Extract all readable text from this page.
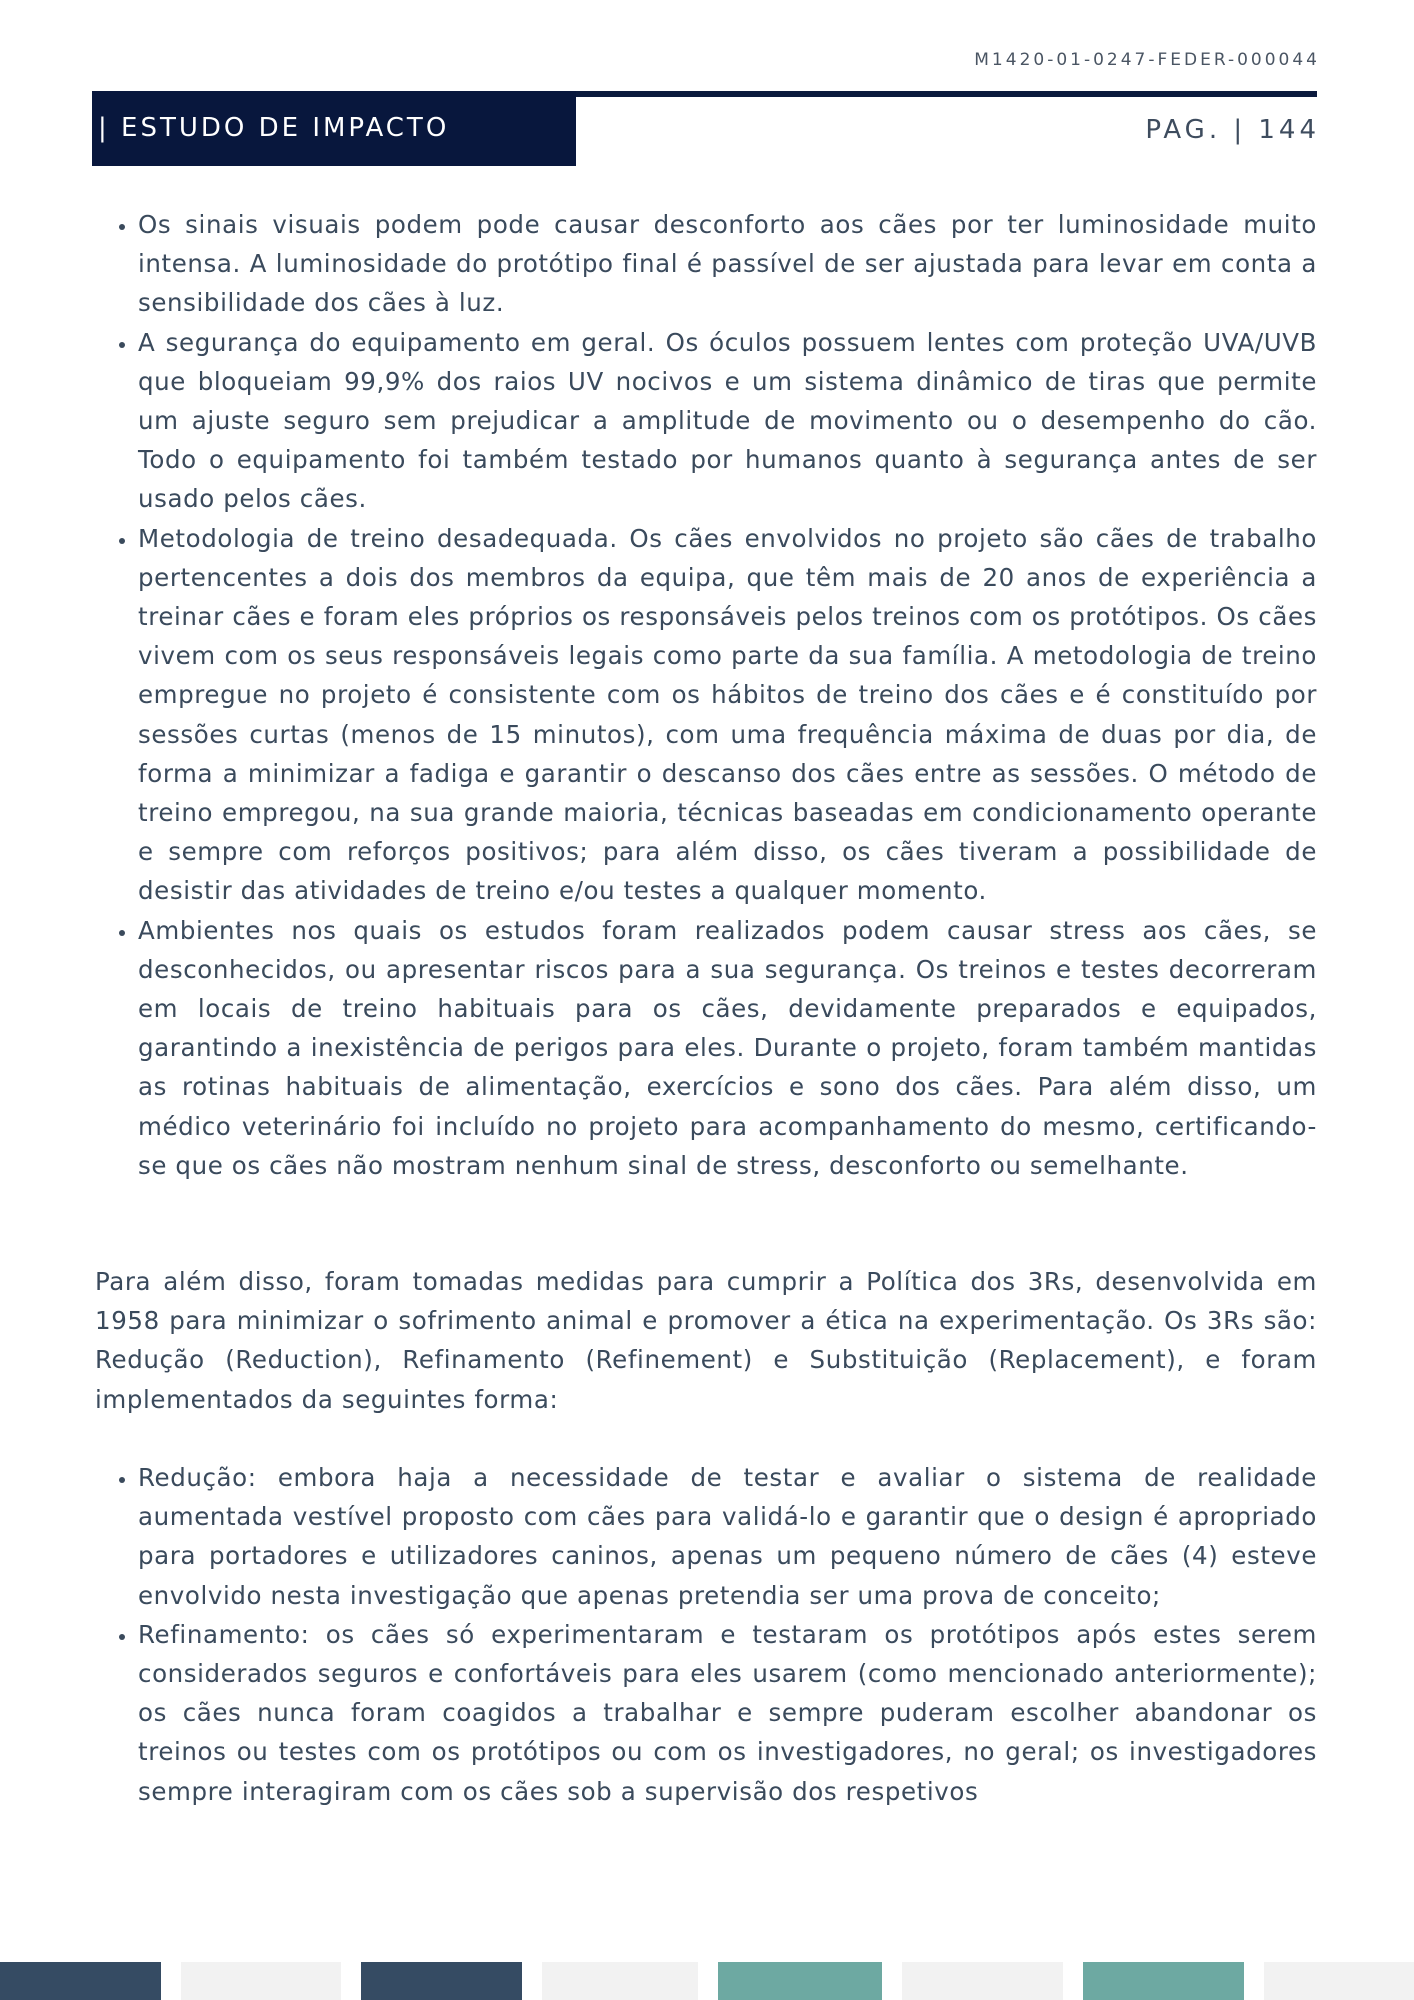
M1420-01-0247-FEDER-000044
| ESTUDO DE IMPACTO	PAG. | 144
• Os sinais visuais podem pode causar desconforto aos cães por ter luminosidade muito intensa. A luminosidade do protótipo final é passível de ser ajustada para levar em conta a sensibilidade dos cães à luz.
• A segurança do equipamento em geral. Os óculos possuem lentes com proteção UVA/UVB que bloqueiam 99,9% dos raios UV nocivos e um sistema dinâmico de tiras que permite um ajuste seguro sem prejudicar a amplitude de movimento ou o desempenho do cão. Todo o equipamento foi também testado por humanos quanto à segurança antes de ser usado pelos cães.
• Metodologia de treino desadequada. Os cães envolvidos no projeto são cães de trabalho pertencentes a dois dos membros da equipa, que têm mais de 20 anos de experiência a treinar cães e foram eles próprios os responsáveis pelos treinos com os protótipos. Os cães vivem com os seus responsáveis legais como parte da sua família. A metodologia de treino empregue no projeto é consistente com os hábitos de treino dos cães e é constituído por sessões curtas (menos de 15 minutos), com uma frequência máxima de duas por dia, de forma a minimizar a fadiga e garantir o descanso dos cães entre as sessões. O método de treino empregou, na sua grande maioria, técnicas baseadas em condicionamento operante e sempre com reforços positivos; para além disso, os cães tiveram a possibilidade de desistir das atividades de treino e/ou testes a qualquer momento.
• Ambientes nos quais os estudos foram realizados podem causar stress aos cães, se desconhecidos, ou apresentar riscos para a sua segurança. Os treinos e testes decorreram em locais de treino habituais para os cães, devidamente preparados e equipados, garantindo a inexistência de perigos para eles. Durante o projeto, foram também mantidas as rotinas habituais de alimentação, exercícios e sono dos cães. Para além disso, um médico veterinário foi incluído no projeto para acompanhamento do mesmo, certificando-se que os cães não mostram nenhum sinal de stress, desconforto ou semelhante.

Para além disso, foram tomadas medidas para cumprir a Política dos 3Rs, desenvolvida em 1958 para minimizar o sofrimento animal e promover a ética na experimentação. Os 3Rs são: Redução (Reduction), Refinamento (Refinement) e Substituição (Replacement), e foram implementados da seguintes forma:

• Redução: embora haja a necessidade de testar e avaliar o sistema de realidade aumentada vestível proposto com cães para validá-lo e garantir que o design é apropriado para portadores e utilizadores caninos, apenas um pequeno número de cães (4) esteve envolvido nesta investigação que apenas pretendia ser uma prova de conceito;
• Refinamento: os cães só experimentaram e testaram os protótipos após estes serem considerados seguros e confortáveis para eles usarem (como mencionado anteriormente); os cães nunca foram coagidos a trabalhar e sempre puderam escolher abandonar os treinos ou testes com os protótipos ou com os investigadores, no geral; os investigadores sempre interagiram com os cães sob a supervisão dos respetivos
